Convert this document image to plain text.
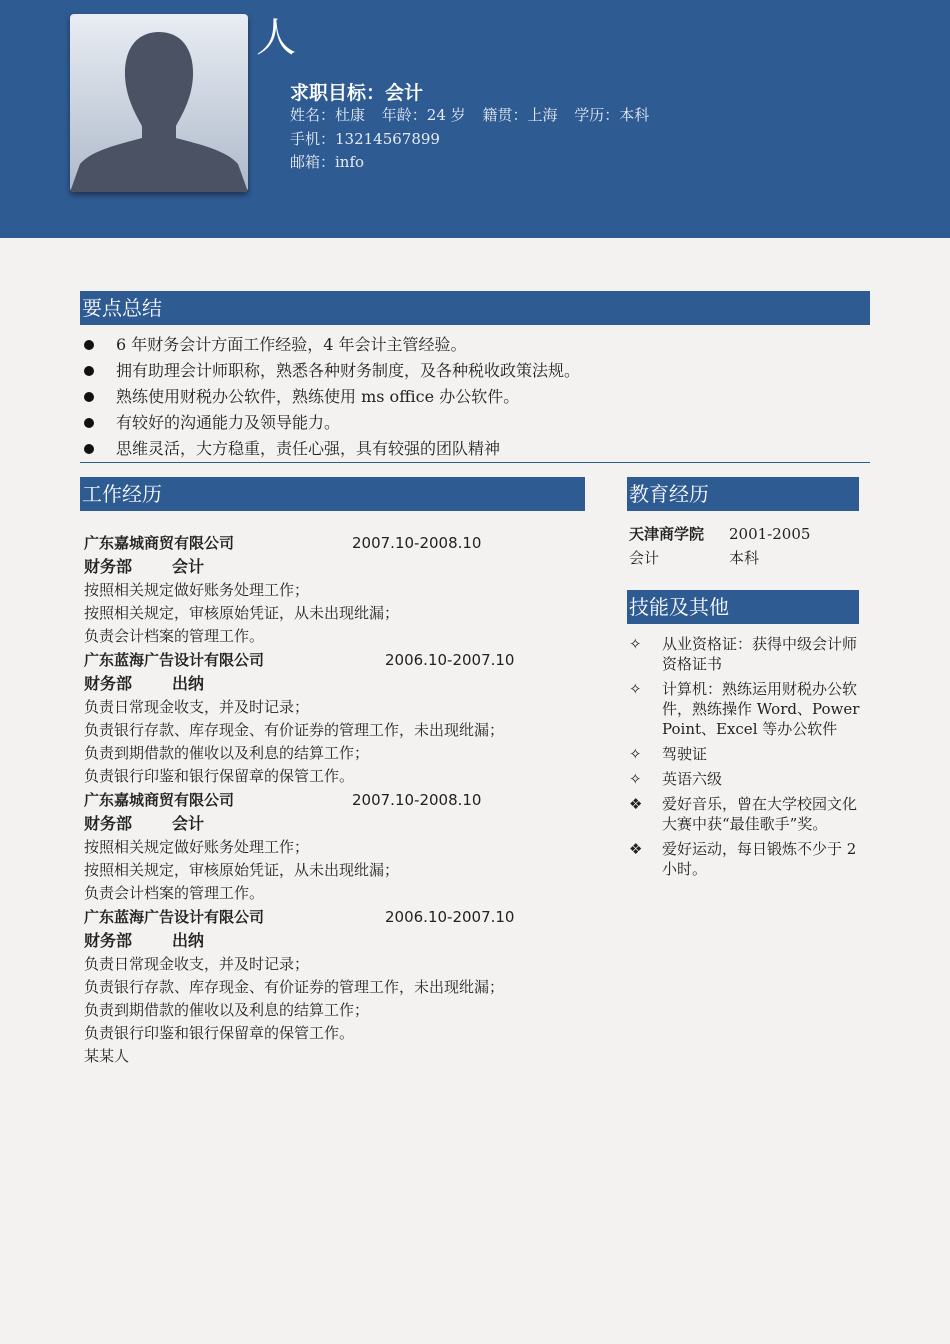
人
求职目标：会计
姓名：杜康 年龄：24 岁 籍贯：上海 学历：本科
手机：13214567899
邮箱：info
要点总结
6 年财务会计方面工作经验，4 年会计主管经验。
拥有助理会计师职称，熟悉各种财务制度，及各种税收政策法规。
熟练使用财税办公软件，熟练使用 ms office 办公软件。
有较好的沟通能力及领导能力。
思维灵活，大方稳重，责任心强，具有较强的团队精神
工作经历
广东嘉城商贸有限公司	2007.10-2008.10
财务部	会计
按照相关规定做好账务处理工作；
按照相关规定，审核原始凭证，从未出现纰漏；
负责会计档案的管理工作。
广东蓝海广告设计有限公司	2006.10-2007.10
财务部	出纳
负责日常现金收支，并及时记录；
负责银行存款、库存现金、有价证券的管理工作，未出现纰漏；
负责到期借款的催收以及利息的结算工作；
负责银行印鉴和银行保留章的保管工作。
广东嘉城商贸有限公司	2007.10-2008.10
财务部	会计
按照相关规定做好账务处理工作；
按照相关规定，审核原始凭证，从未出现纰漏；
负责会计档案的管理工作。
广东蓝海广告设计有限公司	2006.10-2007.10
财务部	出纳
负责日常现金收支，并及时记录；
负责银行存款、库存现金、有价证券的管理工作，未出现纰漏；
负责到期借款的催收以及利息的结算工作；
负责银行印鉴和银行保留章的保管工作。
某某人
教育经历
天津商学院	2001-2005
会计	本科
技能及其他
✧	从业资格证：获得中级会计师资格证书
✧	计算机：熟练运用财税办公软件，熟练操作 Word、PowerPoint、Excel 等办公软件
✧	驾驶证
✧	英语六级
❖	爱好音乐，曾在大学校园文化大赛中获“最佳歌手”奖。
❖	爱好运动，每日锻炼不少于 2 小时。
